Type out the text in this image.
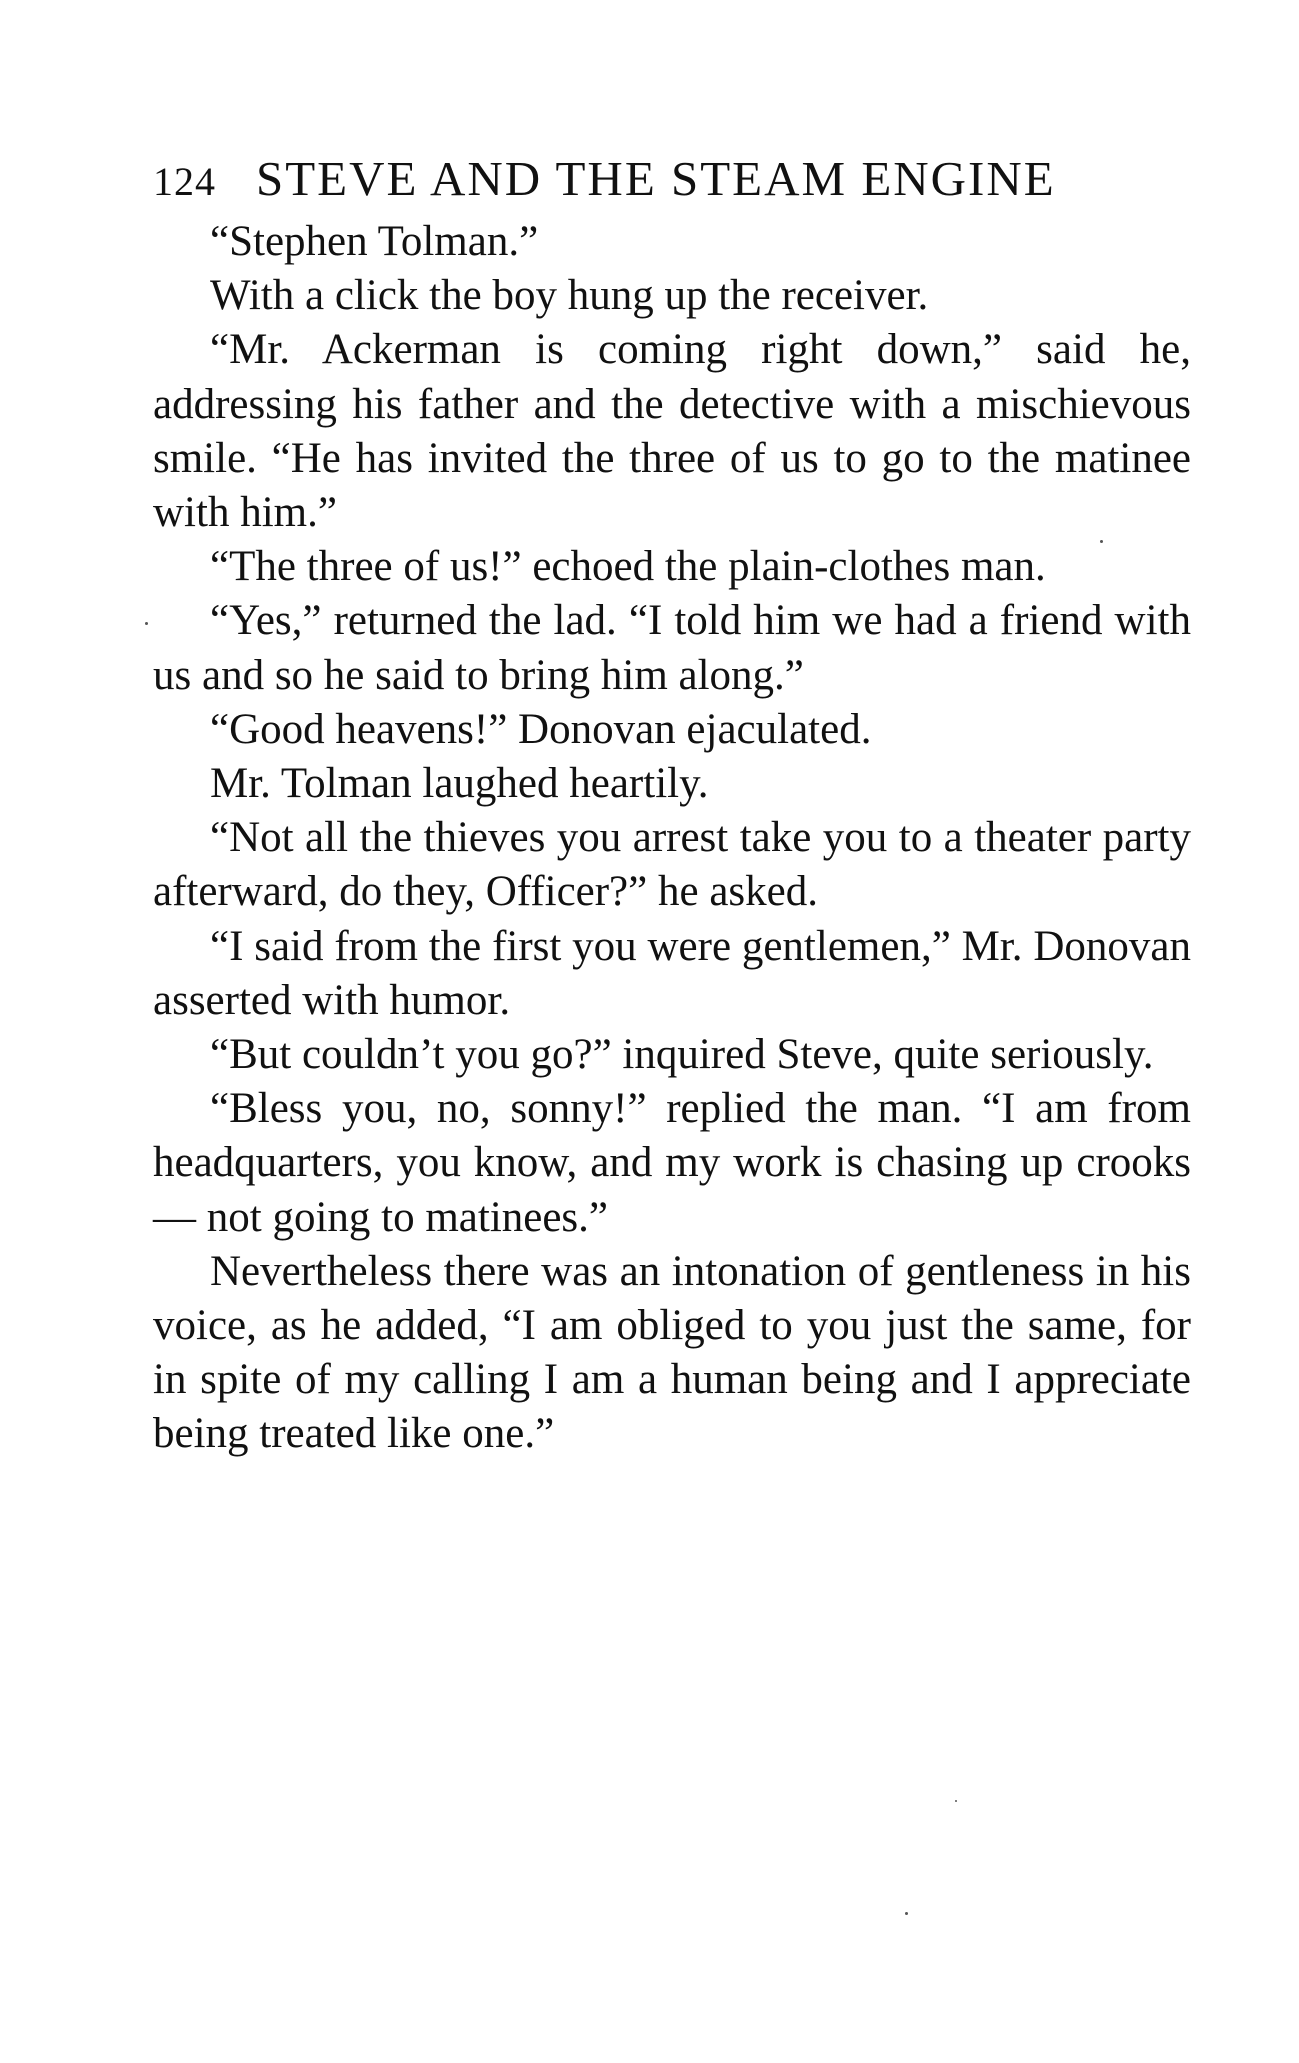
124 STEVE AND THE STEAM ENGINE

“Stephen Tolman.”

With a click the boy hung up the receiver.

“Mr. Ackerman is coming right down,” said he, addressing his father and the detective with a mischievous smile. “He has invited the three of us to go to the matinee with him.”

“The three of us!” echoed the plain-clothes man.

“Yes,” returned the lad. “I told him we had a friend with us and so he said to bring him along.”

“Good heavens!” Donovan ejaculated.

Mr. Tolman laughed heartily.

“Not all the thieves you arrest take you to a theater party afterward, do they, Officer?” he asked.

“I said from the first you were gentlemen,” Mr. Donovan asserted with humor.

“But couldn’t you go?” inquired Steve, quite seriously.

“Bless you, no, sonny!” replied the man. “I am from headquarters, you know, and my work is chasing up crooks — not going to matinees.”

Nevertheless there was an intonation of gentleness in his voice, as he added, “I am obliged to you just the same, for in spite of my calling I am a human being and I appreciate being treated like one.”
